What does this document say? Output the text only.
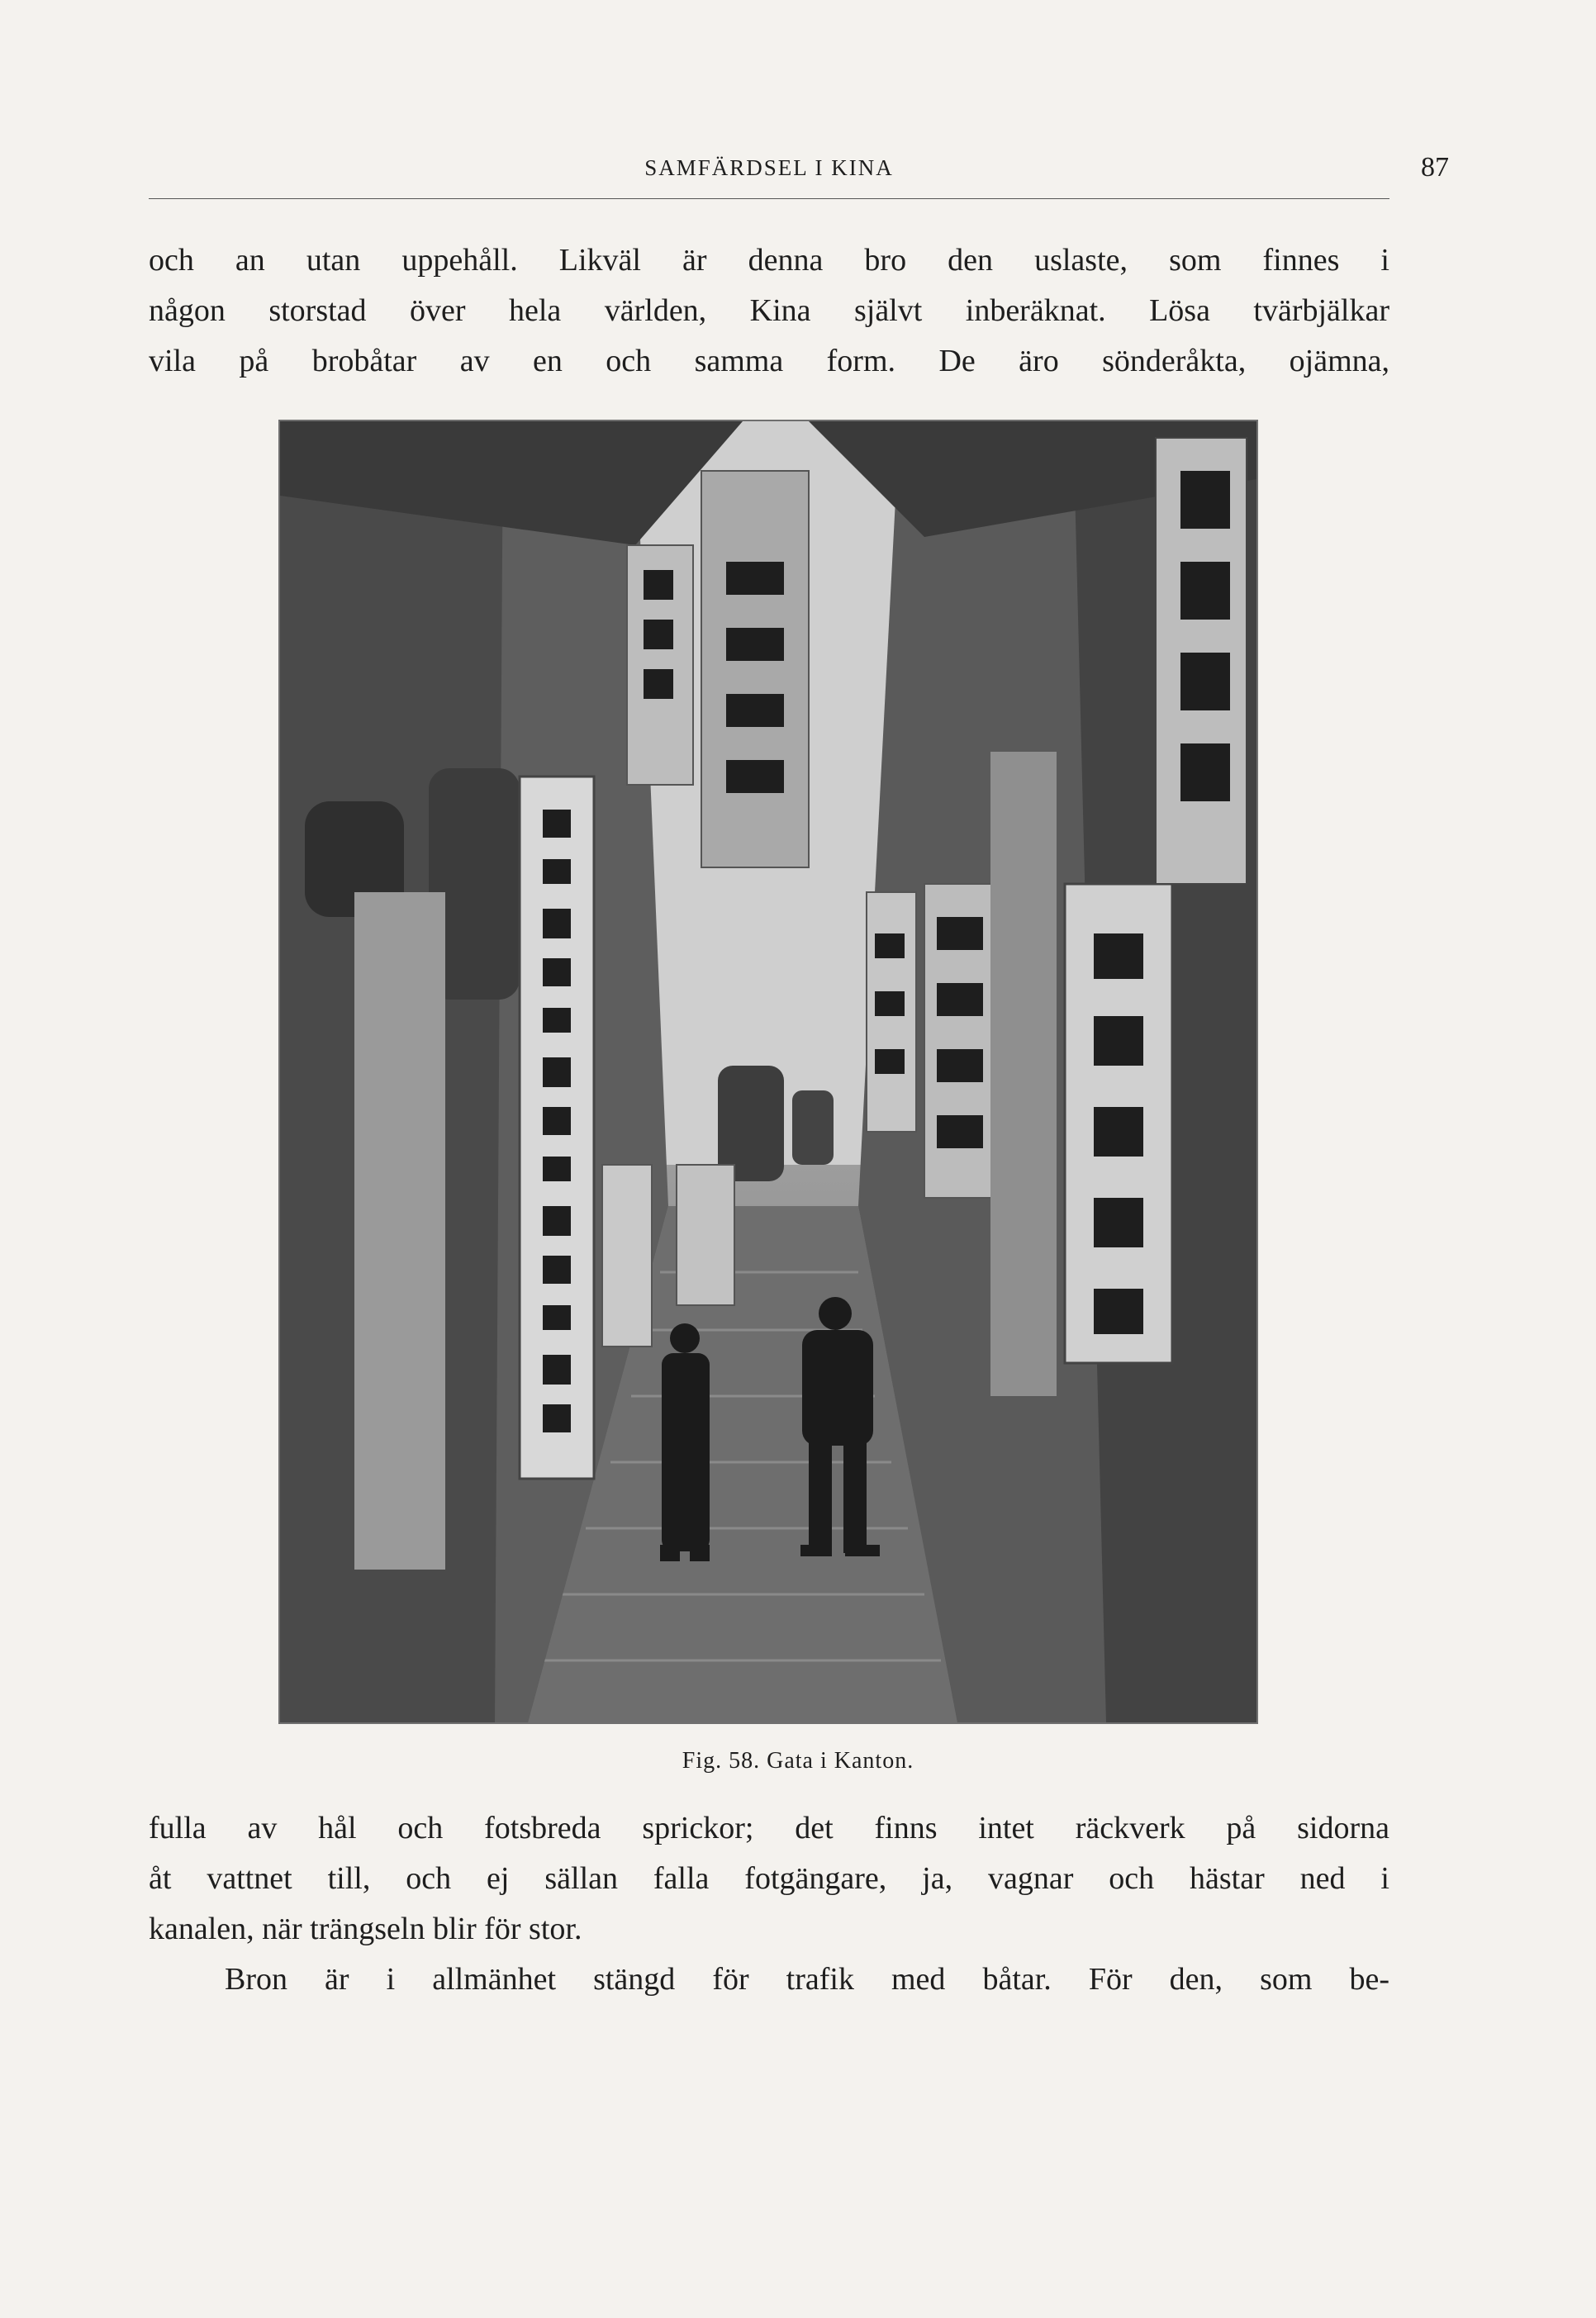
SAMFÄRDSEL I KINA	87

och an utan uppehåll. Likväl är denna bro den uslaste, som finnes i

någon storstad över hela världen, Kina självt inberäknat. Lösa tvärbjälkar

vila på brobåtar av en och samma form. De äro sönderåkta, ojämna,

Fig. 58. Gata i Kanton.

fulla av hål och fotsbreda sprickor; det finns intet räckverk på sidorna

åt vattnet till, och ej sällan falla fotgängare, ja, vagnar och hästar ned i

kanalen, när trängseln blir för stor.

Bron är i allmänhet stängd för trafik med båtar. För den, som be-
